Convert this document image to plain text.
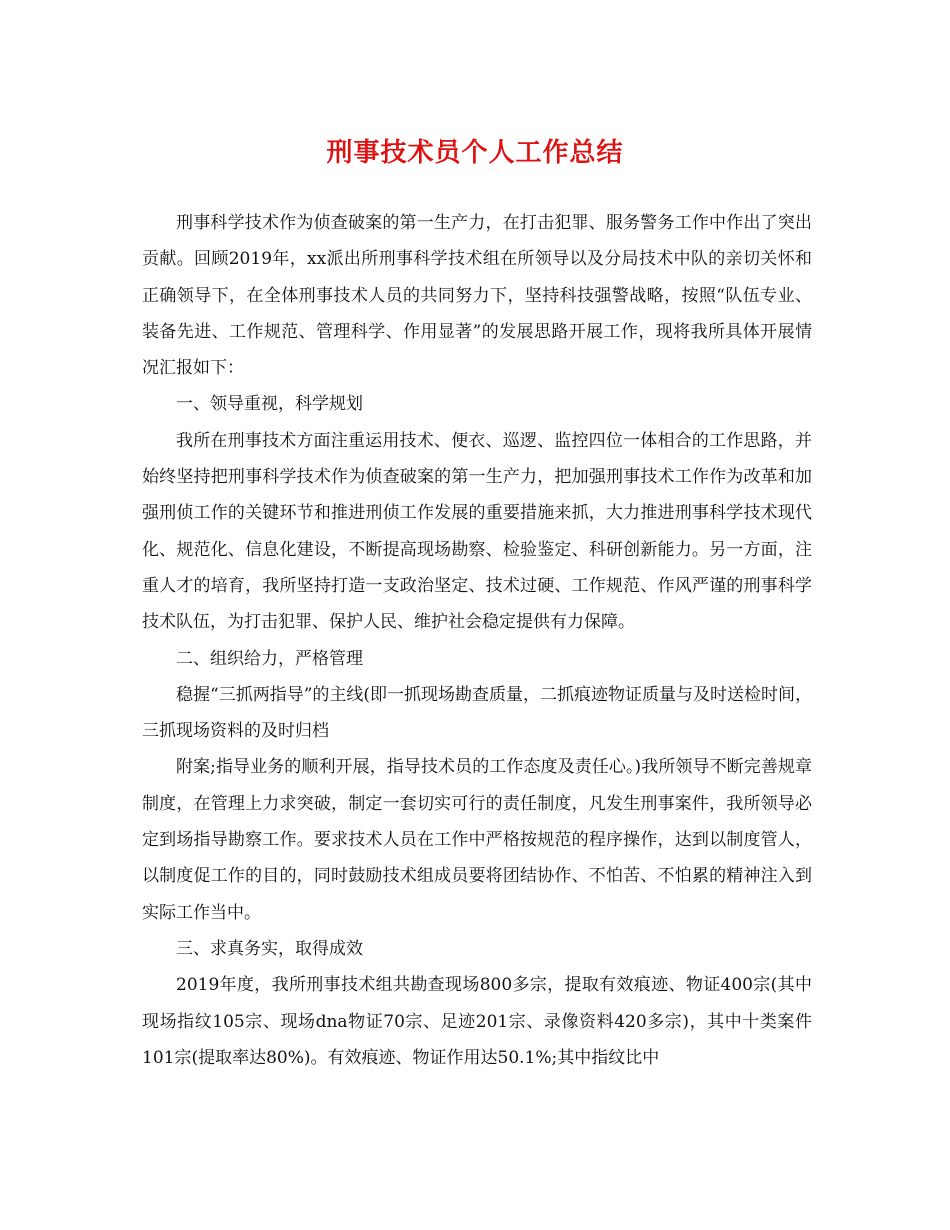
刑事技术员个人工作总结

刑事科学技术作为侦查破案的第一生产力，在打击犯罪、服务警务工作中作出了突出贡献。回顾2019年，xx派出所刑事科学技术组在所领导以及分局技术中队的亲切关怀和正确领导下，在全体刑事技术人员的共同努力下，坚持科技强警战略，按照“队伍专业、装备先进、工作规范、管理科学、作用显著”的发展思路开展工作，现将我所具体开展情况汇报如下：

一、领导重视，科学规划

我所在刑事技术方面注重运用技术、便衣、巡逻、监控四位一体相合的工作思路，并始终坚持把刑事科学技术作为侦查破案的第一生产力，把加强刑事技术工作作为改革和加强刑侦工作的关键环节和推进刑侦工作发展的重要措施来抓，大力推进刑事科学技术现代化、规范化、信息化建设，不断提高现场勘察、检验鉴定、科研创新能力。另一方面，注重人才的培育，我所坚持打造一支政治坚定、技术过硬、工作规范、作风严谨的刑事科学技术队伍，为打击犯罪、保护人民、维护社会稳定提供有力保障。

二、组织给力，严格管理

稳握“三抓两指导”的主线(即一抓现场勘查质量，二抓痕迹物证质量与及时送检时间，三抓现场资料的及时归档

附案;指导业务的顺利开展，指导技术员的工作态度及责任心。)我所领导不断完善规章制度，在管理上力求突破，制定一套切实可行的责任制度，凡发生刑事案件，我所领导必定到场指导勘察工作。要求技术人员在工作中严格按规范的程序操作，达到以制度管人，以制度促工作的目的，同时鼓励技术组成员要将团结协作、不怕苦、不怕累的精神注入到实际工作当中。

三、求真务实，取得成效

2019年度，我所刑事技术组共勘查现场800多宗，提取有效痕迹、物证400宗(其中现场指纹105宗、现场dna物证70宗、足迹201宗、录像资料420多宗)，其中十类案件101宗(提取率达80%)。有效痕迹、物证作用达50.1%;其中指纹比中
